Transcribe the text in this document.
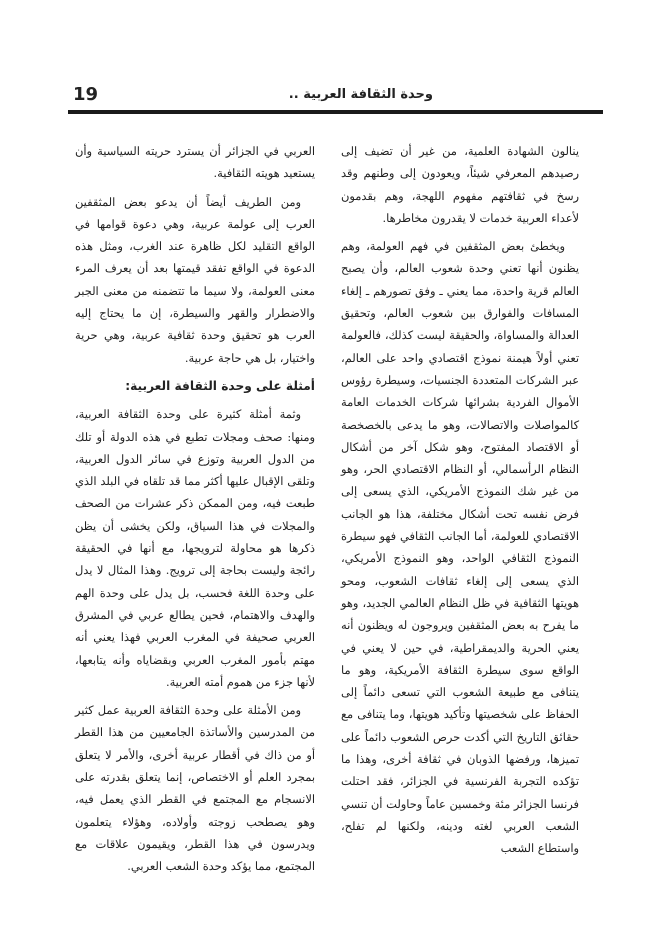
19	وحدة الثقافة العربية ..

ينالون الشهادة العلمية، من غير أن تضيف إلى رصيدهم المعرفي شيئاً، ويعودون إلى وطنهم وقد رسخ في ثقافتهم مفهوم اللهجة، وهم بقدمون لأعداء العربية خدمات لا يقدرون مخاطرها.

ويخطئ بعض المثقفين في فهم العولمة، وهم يظنون أنها تعني وحدة شعوب العالم، وأن يصبح العالم قرية واحدة، مما يعني ـ وفق تصورهم ـ إلغاء المسافات والفوارق بين شعوب العالم، وتحقيق العدالة والمساواة، والحقيقة ليست كذلك، فالعولمة تعني أولاً هيمنة نموذج اقتصادي واحد على العالم، عبر الشركات المتعددة الجنسيات، وسيطرة رؤوس الأموال الفردية بشرائها شركات الخدمات العامة كالمواصلات والاتصالات، وهو ما يدعى بالخصخصة أو الاقتصاد المفتوح، وهو شكل آخر من أشكال النظام الرأسمالي، أو النظام الاقتصادي الحر، وهو من غير شك النموذج الأمريكي، الذي يسعى إلى فرض نفسه تحت أشكال مختلفة، هذا هو الجانب الاقتصادي للعولمة، أما الجانب الثقافي فهو سيطرة النموذج الثقافي الواحد، وهو النموذج الأمريكي، الذي يسعى إلى إلغاء ثقافات الشعوب، ومحو هويتها الثقافية في ظل النظام العالمي الجديد، وهو ما يفرح به بعض المثقفين ويروجون له ويظنون أنه يعني الحرية والديمقراطية، في حين لا يعني في الواقع سوى سيطرة الثقافة الأمريكية، وهو ما يتنافى مع طبيعة الشعوب التي تسعى دائماً إلى الحفاظ على شخصيتها وتأكيد هويتها، وما يتنافى مع حقائق التاريخ التي أكدت حرص الشعوب دائماً على تميزها، ورفضها الذوبان في ثقافة أخرى، وهذا ما تؤكده التجربة الفرنسية في الجزائر، فقد احتلت فرنسا الجزائر مئة وخمسين عاماً وحاولت أن تنسي الشعب العربي لغته ودينه، ولكنها لم تفلح، واستطاع الشعب

العربي في الجزائر أن يسترد حريته السياسية وأن يستعيد هويته الثقافية.

ومن الطريف أيضاً أن يدعو بعض المثقفين العرب إلى عولمة عربية، وهي دعوة قوامها في الواقع التقليد لكل ظاهرة عند الغرب، ومثل هذه الدعوة في الواقع تفقد قيمتها بعد أن يعرف المرء معنى العولمة، ولا سيما ما تتضمنه من معنى الجبر والاضطرار والقهر والسيطرة، إن ما يحتاج إليه العرب هو تحقيق وحدة ثقافية عربية، وهي حرية واختيار، بل هي حاجة عربية.

أمثلة على وحدة الثقافة العربية:

وثمة أمثلة كثيرة على وحدة الثقافة العربية، ومنها: صحف ومجلات تطبع في هذه الدولة أو تلك من الدول العربية وتوزع في سائر الدول العربية، وتلقى الإقبال عليها أكثر مما قد تلقاه في البلد الذي طبعت فيه، ومن الممكن ذكر عشرات من الصحف والمجلات في هذا السياق، ولكن يخشى أن يظن ذكرها هو محاولة لترويجها، مع أنها في الحقيقة رائجة وليست بحاجة إلى ترويج. وهذا المثال لا يدل على وحدة اللغة فحسب، بل يدل على وحدة الهم والهدف والاهتمام، فحين يطالع عربي في المشرق العربي صحيفة في المغرب العربي فهذا يعني أنه مهتم بأمور المغرب العربي وبقضاياه وأنه يتابعها، لأنها جزء من هموم أمته العربية.

ومن الأمثلة على وحدة الثقافة العربية عمل كثير من المدرسين والأساتذة الجامعيين من هذا القطر أو من ذاك في أقطار عربية أخرى، والأمر لا يتعلق بمجرد العلم أو الاختصاص، إنما يتعلق بقدرته على الانسجام مع المجتمع في القطر الذي يعمل فيه، وهو يصطحب زوجته وأولاده، وهؤلاء يتعلمون ويدرسون في هذا القطر، ويقيمون علاقات مع المجتمع، مما يؤكد وحدة الشعب العربي.
